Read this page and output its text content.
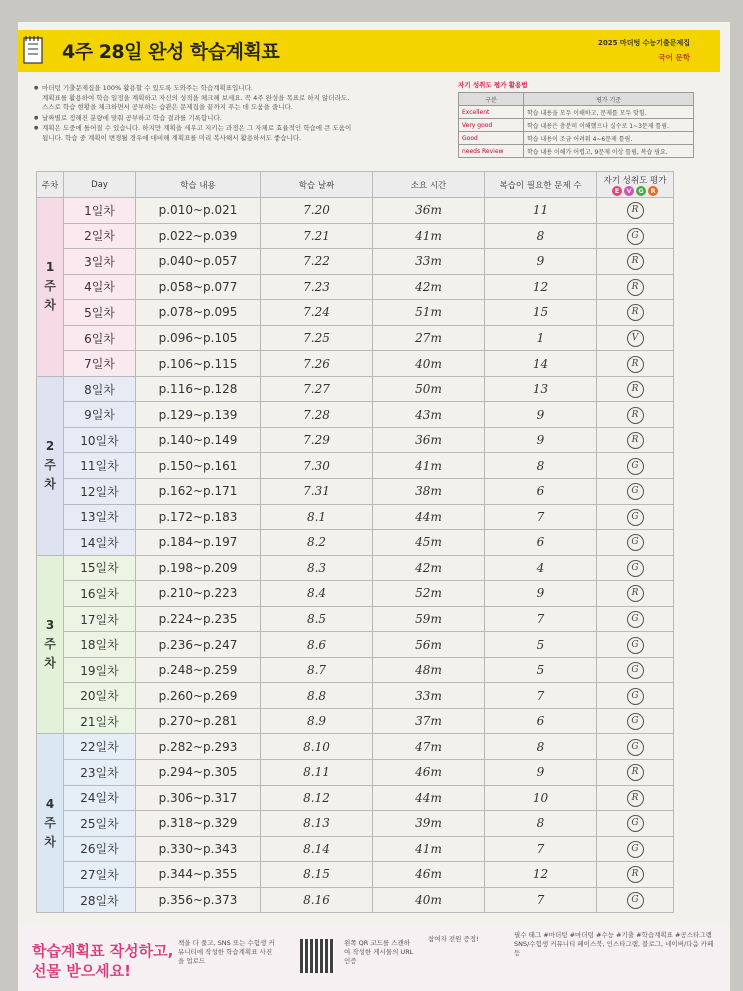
4주 28일 완성 학습계획표	2025 마더텅 수능기출문제집
국어 문학
● 마더텅 기출문제집을 100% 활용할 수 있도록 도와주는 학습계획표입니다.
계획표를 활용하여 학습 일정을 계획하고 자신의 성적을 체크해 보세요. 꼭 4주 완성을 목표로 하지 않더라도,
스스로 학습 현황을 체크하면서 공부하는 습관은 문제집을 끝까지 푸는 데 도움을 줍니다.
● 날짜별로 정해진 분량에 맞춰 공부하고 학습 결과를 기록합니다.
● 계획은 도중에 틀어질 수 있습니다. 하지만 계획을 세우고 지키는 과정은 그 자체로 효율적인 학습에 큰 도움이
됩니다. 학습 중 계획이 변경될 경우에 대비해 계획표를 미리 복사해서 활용하셔도 좋습니다.
자기 성취도 평가 활용법
구분	평가 기준
Excellent	학습 내용을 모두 이해하고, 문제를 모두 맞힘.
Very good	학습 내용은 충분히 이해했으나 실수로 1~3문제 틀림.
Good	학습 내용이 조금 어려워 4~6문제 틀림.
needs Review	학습 내용 이해가 어렵고, 9문제 이상 틀림, 복습 필요.
주차	Day	학습 내용	학습 날짜	소요 시간	복습이 필요한 문제 수	자기 성취도 평가
E V G R
1
주
차	1일차	p.010~p.021	7.20	36m	11	R
	2일차	p.022~p.039	7.21	41m	8	G
	3일차	p.040~p.057	7.22	33m	9	R
	4일차	p.058~p.077	7.23	42m	12	R
	5일차	p.078~p.095	7.24	51m	15	R
	6일차	p.096~p.105	7.25	27m	1	V
	7일차	p.106~p.115	7.26	40m	14	R
2
주
차	8일차	p.116~p.128	7.27	50m	13	R
	9일차	p.129~p.139	7.28	43m	9	R
	10일차	p.140~p.149	7.29	36m	9	R
	11일차	p.150~p.161	7.30	41m	8	G
	12일차	p.162~p.171	7.31	38m	6	G
	13일차	p.172~p.183	8.1	44m	7	G
	14일차	p.184~p.197	8.2	45m	6	G
3
주
차	15일차	p.198~p.209	8.3	42m	4	G
	16일차	p.210~p.223	8.4	52m	9	R
	17일차	p.224~p.235	8.5	59m	7	G
	18일차	p.236~p.247	8.6	56m	5	G
	19일차	p.248~p.259	8.7	48m	5	G
	20일차	p.260~p.269	8.8	33m	7	G
	21일차	p.270~p.281	8.9	37m	6	G
4
주
차	22일차	p.282~p.293	8.10	47m	8	G
	23일차	p.294~p.305	8.11	46m	9	R
	24일차	p.306~p.317	8.12	44m	10	R
	25일차	p.318~p.329	8.13	39m	8	G
	26일차	p.330~p.343	8.14	41m	7	G
	27일차	p.344~p.355	8.15	46m	12	R
	28일차	p.356~p.373	8.16	40m	7	G
학습계획표 작성하고,
선물 받으세요!
책을 다 풀고, SNS 또는 수험생 커뮤니티에 작성한 학습계획표 사진을 업로드
왼쪽 QR 코드를 스캔하여 작성한 게시물의 URL 인증
참여자 전원 증정!	필수 태그 #마더텅 #마더텅 #수능 #기출 #학습계획표 #공스타그램 SNS/수험생 커뮤니티 페이스북, 인스타그램, 블로그, 네이버/다음 카페 등
